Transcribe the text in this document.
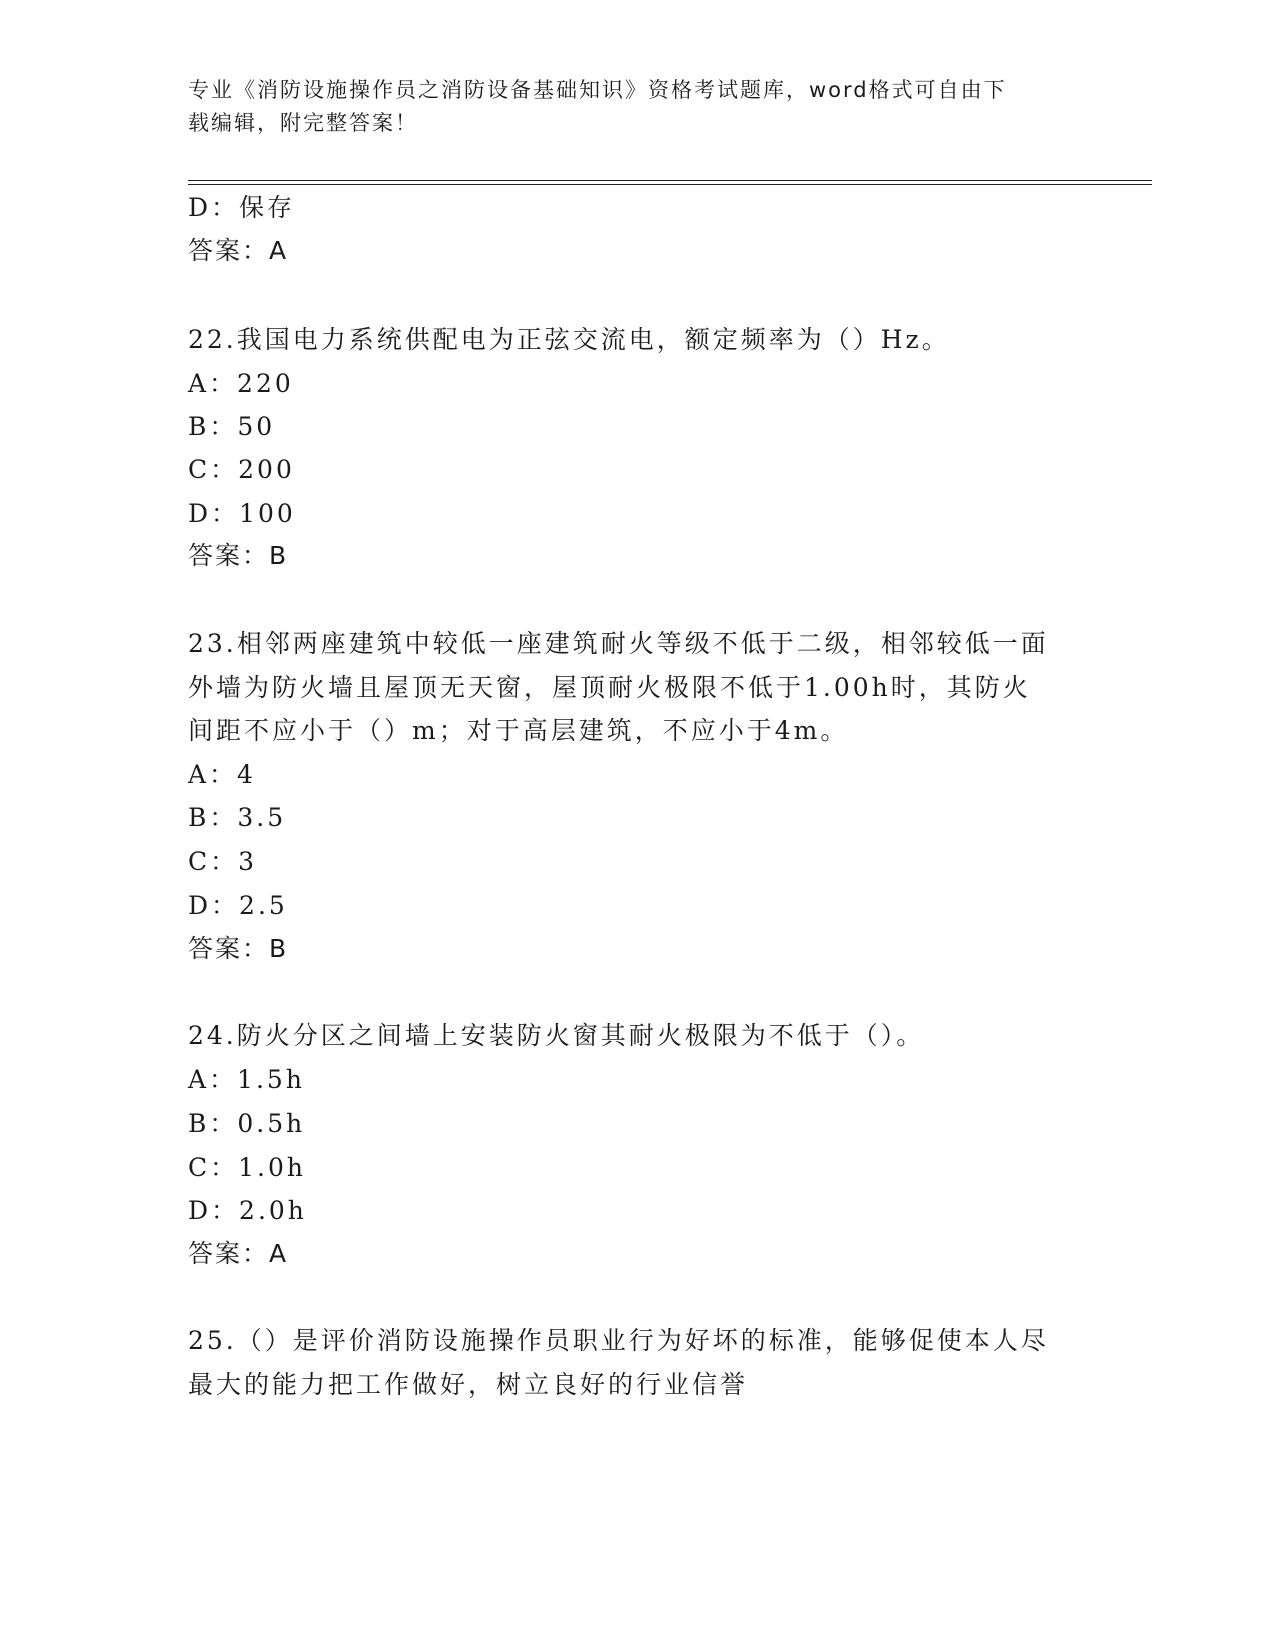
专业《消防设施操作员之消防设备基础知识》资格考试题库，word格式可自由下
载编辑，附完整答案！
D：保存
答案：A
22.我国电力系统供配电为正弦交流电，额定频率为（）Hz。
A：220
B：50
C：200
D：100
答案：B
23.相邻两座建筑中较低一座建筑耐火等级不低于二级，相邻较低一面
外墙为防火墙且屋顶无天窗，屋顶耐火极限不低于1.00h时，其防火
间距不应小于（）m；对于高层建筑，不应小于4m。
A：4
B：3.5
C：3
D：2.5
答案：B
24.防火分区之间墙上安装防火窗其耐火极限为不低于（）。
A：1.5h
B：0.5h
C：1.0h
D：2.0h
答案：A
25.（）是评价消防设施操作员职业行为好坏的标准，能够促使本人尽
最大的能力把工作做好，树立良好的行业信誉
